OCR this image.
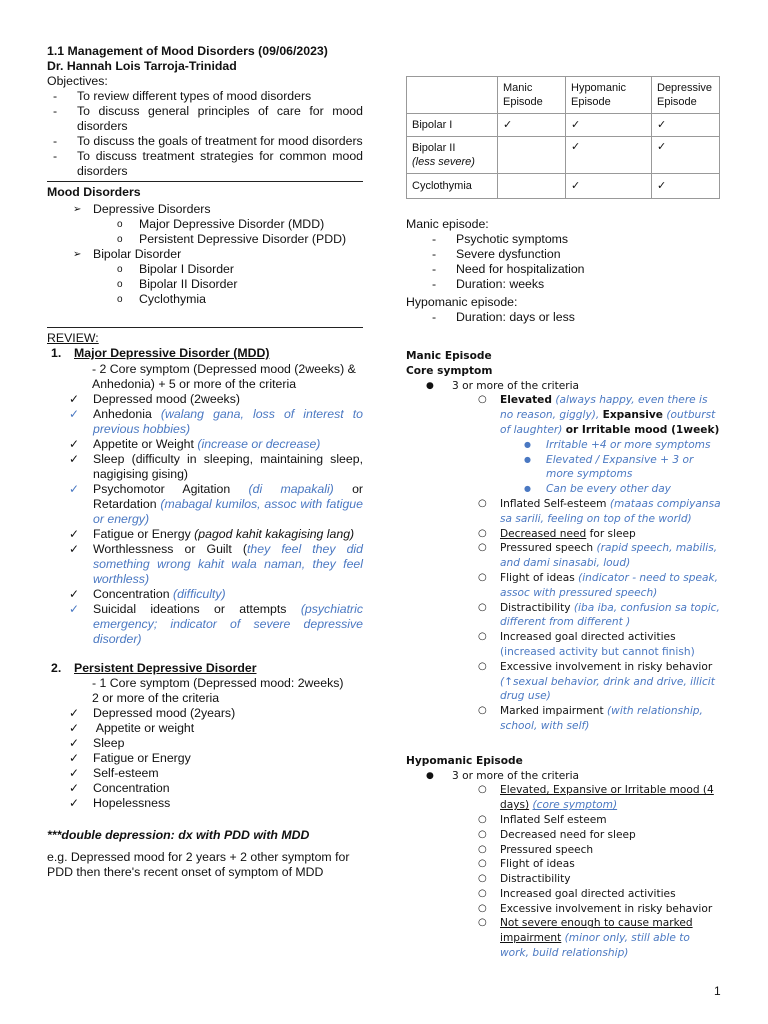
1.1 Management of Mood Disorders (09/06/2023)
Dr. Hannah Lois Tarroja-Trinidad
Objectives:
- To review different types of mood disorders
- To discuss general principles of care for mood disorders
- To discuss the goals of treatment for mood disorders
- To discuss treatment strategies for common mood disorders
Mood Disorders
➢ Depressive Disorders
o Major Depressive Disorder (MDD)
o Persistent Depressive Disorder (PDD)
➢ Bipolar Disorder
o Bipolar I Disorder
o Bipolar II Disorder
o Cyclothymia
REVIEW:
1. Major Depressive Disorder (MDD)
- 2 Core symptom (Depressed mood (2weeks) & Anhedonia) + 5 or more of the criteria
✓ Depressed mood (2weeks)
✓ Anhedonia (walang gana, loss of interest to previous hobbies)
✓ Appetite or Weight (increase or decrease)
✓ Sleep (difficulty in sleeping, maintaining sleep, nagigising gising)
✓ Psychomotor Agitation (di mapakali) or Retardation (mabagal kumilos, assoc with fatigue or energy)
✓ Fatigue or Energy (pagod kahit kakagising lang)
✓ Worthlessness or Guilt (they feel they did something wrong kahit wala naman, they feel worthless)
✓ Concentration (difficulty)
✓ Suicidal ideations or attempts (psychiatric emergency; indicator of severe depressive disorder)
2. Persistent Depressive Disorder
- 1 Core symptom (Depressed mood: 2weeks)
2 or more of the criteria
✓ Depressed mood (2years)
✓ Appetite or weight
✓ Sleep
✓ Fatigue or Energy
✓ Self-esteem
✓ Concentration
✓ Hopelessness
***double depression: dx with PDD with MDD
e.g. Depressed mood for 2 years + 2 other symptom for PDD then there's recent onset of symptom of MDD
	Manic Episode	Hypomanic Episode	Depressive Episode
Bipolar I	✓	✓	✓

Bipolar II
(less severe)		✓	✓
Cyclothymia		✓	✓
Manic episode:
- Psychotic symptoms
- Severe dysfunction
- Need for hospitalization
- Duration: weeks
Hypomanic episode:
- Duration: days or less
Manic Episode
Core symptom
● 3 or more of the criteria
○ Elevated (always happy, even there is no reason, giggly), Expansive (outburst of laughter) or Irritable mood (1week)
● Irritable +4 or more symptoms
● Elevated / Expansive + 3 or more symptoms
● Can be every other day
○ Inflated Self-esteem (mataas compiyansa sa sarili, feeling on top of the world)
○ Decreased need for sleep
○ Pressured speech (rapid speech, mabilis, and dami sinasabi, loud)
○ Flight of ideas (indicator - need to speak, assoc with pressured speech)
○ Distractibility (iba iba, confusion sa topic, different from different )
○ Increased goal directed activities (increased activity but cannot finish)
○ Excessive involvement in risky behavior (↑sexual behavior, drink and drive, illicit drug use)
○ Marked impairment (with relationship, school, with self)
Hypomanic Episode
● 3 or more of the criteria
○ Elevated, Expansive or Irritable mood (4 days) (core symptom)
○ Inflated Self esteem
○ Decreased need for sleep
○ Pressured speech
○ Flight of ideas
○ Distractibility
○ Increased goal directed activities
○ Excessive involvement in risky behavior
○ Not severe enough to cause marked impairment (minor only, still able to work, build relationship)
1
